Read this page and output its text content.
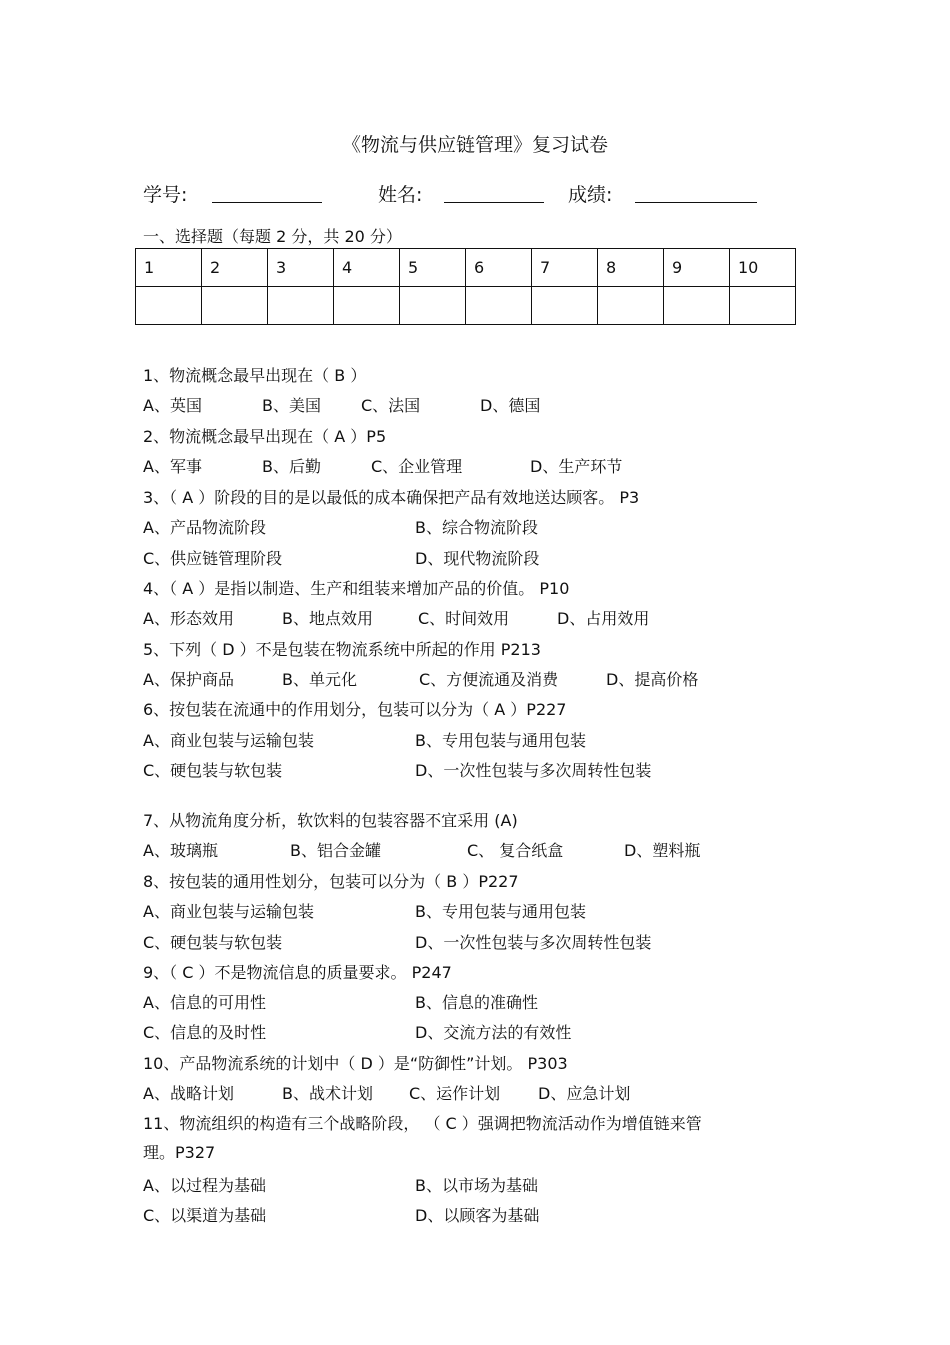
《物流与供应链管理》复习试卷
学号:	姓名:	成绩:
一、选择题（每题 2 分，共 20 分）
1	2	3	4	5	6	7	8	9	10

1、物流概念最早出现在（ B ）
A、英国	B、美国	C、法国	D、德国
2、物流概念最早出现在（ A ）P5
A、军事	B、后勤	C、企业管理	D、生产环节
3、（ A ）阶段的目的是以最低的成本确保把产品有效地送达顾客。 P3
A、产品物流阶段	B、综合物流阶段
C、供应链管理阶段	D、现代物流阶段
4、（ A ）是指以制造、生产和组装来增加产品的价值。 P10
A、形态效用	B、地点效用	C、时间效用	D、占用效用
5、下列（ D ）不是包装在物流系统中所起的作用 P213
A、保护商品	B、单元化	C、方便流通及消费	D、提高价格
6、按包装在流通中的作用划分，包装可以分为（ A ）P227
A、商业包装与运输包装	B、专用包装与通用包装
C、硬包装与软包装	D、一次性包装与多次周转性包装
7、从物流角度分析，软饮料的包装容器不宜采用 (A)
A、玻璃瓶	B、铝合金罐	C、 复合纸盒	D、塑料瓶
8、按包装的通用性划分，包装可以分为（ B ）P227
A、商业包装与运输包装	B、专用包装与通用包装
C、硬包装与软包装	D、一次性包装与多次周转性包装
9、（ C ）不是物流信息的质量要求。 P247
A、信息的可用性	B、信息的准确性
C、信息的及时性	D、交流方法的有效性
10、产品物流系统的计划中（ D ）是“防御性”计划。 P303
A、战略计划	B、战术计划 C、运作计划 D、应急计划
11、物流组织的构造有三个战略阶段， （ C ）强调把物流活动作为增值链来管
理。P327
A、以过程为基础	B、以市场为基础
C、以渠道为基础	D、以顾客为基础
